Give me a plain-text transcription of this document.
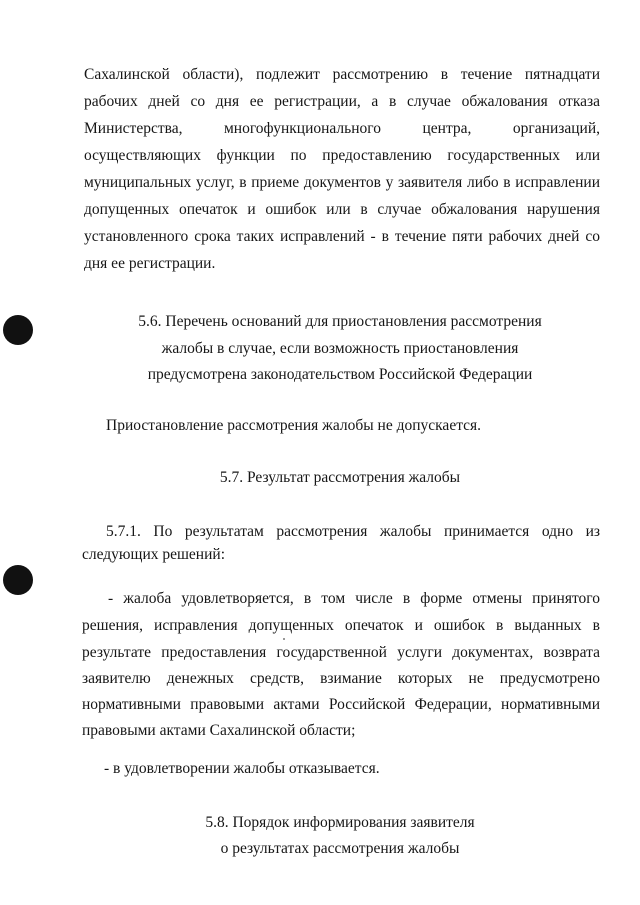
Сахалинской области), подлежит рассмотрению в течение пятнадцати
рабочих дней со дня ее регистрации, а в случае обжалования отказа
Министерства, многофункционального центра, организаций,
осуществляющих функции по предоставлению государственных или
муниципальных услуг, в приеме документов у заявителя либо в исправлении
допущенных опечаток и ошибок или в случае обжалования нарушения
установленного срока таких исправлений - в течение пяти рабочих дней со
дня ее регистрации.
5.6. Перечень оснований для приостановления рассмотрения
жалобы в случае, если возможность приостановления
предусмотрена законодательством Российской Федерации
Приостановление рассмотрения жалобы не допускается.
5.7. Результат рассмотрения жалобы
5.7.1. По результатам рассмотрения жалобы принимается одно из
следующих решений:
- жалоба удовлетворяется, в том числе в форме отмены принятого
решения, исправления допущенных опечаток и ошибок в выданных в
результате предоставления государственной услуги документах, возврата
заявителю денежных средств, взимание которых не предусмотрено
нормативными правовыми актами Российской Федерации, нормативными
правовыми актами Сахалинской области;
- в удовлетворении жалобы отказывается.
5.8. Порядок информирования заявителя
о результатах рассмотрения жалобы
